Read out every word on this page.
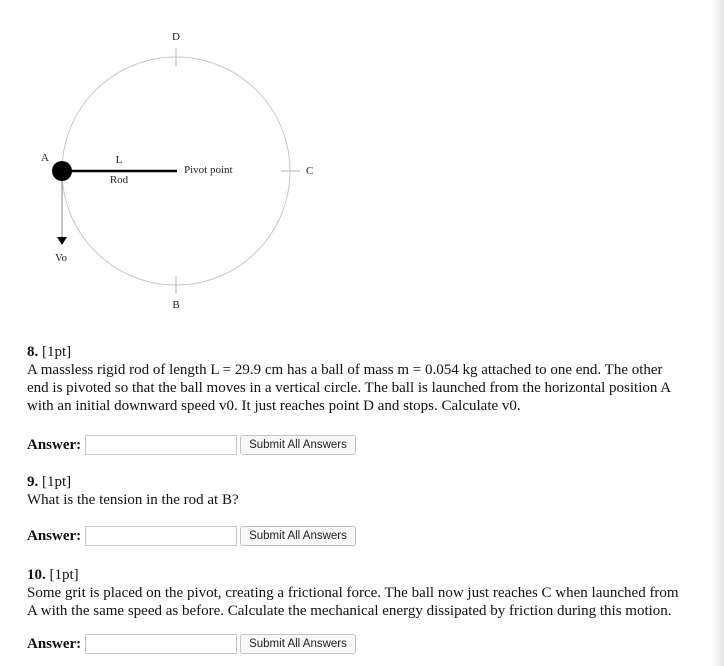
D
A	L
Rod
Pivot point	C
Vo
B
8. [1pt]
A massless rigid rod of length L = 29.9 cm has a ball of mass m = 0.054 kg attached to one end. The other
end is pivoted so that the ball moves in a vertical circle. The ball is launched from the horizontal position A
with an initial downward speed v0. It just reaches point D and stops. Calculate v0.
Answer:	Submit All Answers
9. [1pt]
What is the tension in the rod at B?
Answer:	Submit All Answers
10. [1pt]
Some grit is placed on the pivot, creating a frictional force. The ball now just reaches C when launched from
A with the same speed as before. Calculate the mechanical energy dissipated by friction during this motion.
Answer:	Submit All Answers
